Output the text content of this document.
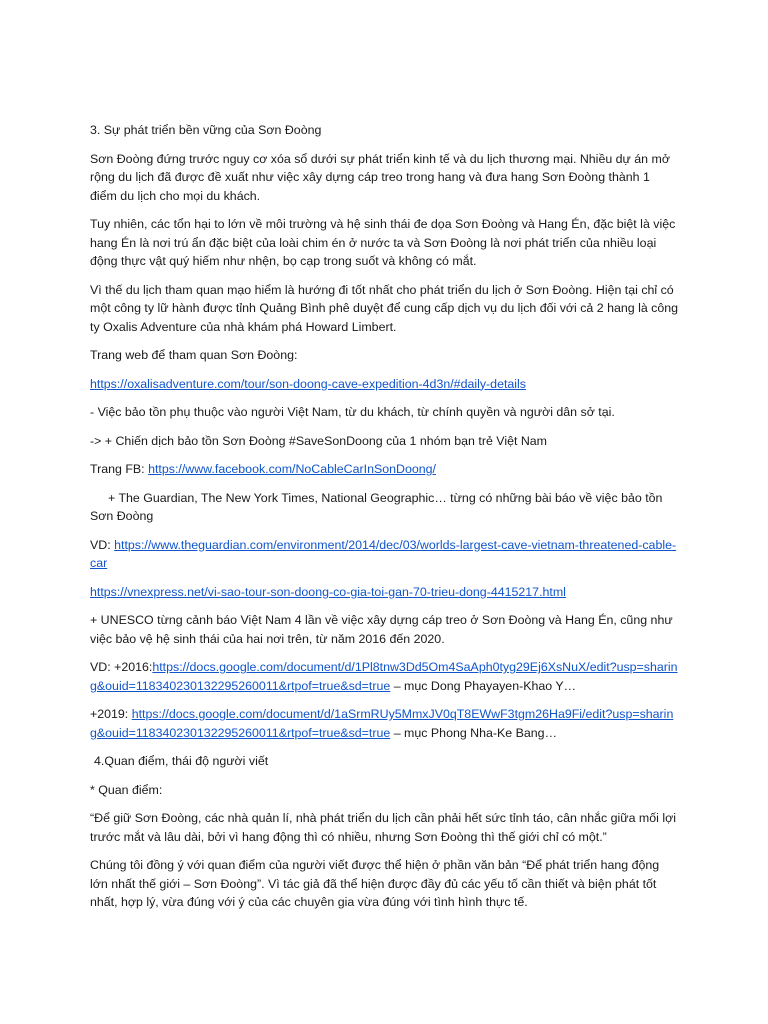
3. Sự phát triển bền vững của Sơn Đoòng

Sơn Đoòng đứng trước nguy cơ xóa sổ dưới sự phát triển kinh tế và du lịch thương mại. Nhiều dự án mở rộng du lịch đã được đề xuất như việc xây dựng cáp treo trong hang và đưa hang Sơn Đoòng thành 1 điểm du lịch cho mọi du khách.

Tuy nhiên, các tổn hại to lớn về môi trường và hệ sinh thái đe dọa Sơn Đoòng và Hang Én, đặc biệt là việc hang Én là nơi trú ẩn đặc biệt của loài chim én ở nước ta và Sơn Đoòng là nơi phát triển của nhiều loại động thực vật quý hiếm như nhện, bọ cạp trong suốt và không có mắt.

Vì thế du lịch tham quan mạo hiểm là hướng đi tốt nhất cho phát triển du lịch ở Sơn Đoòng. Hiện tại chỉ có một công ty lữ hành được tỉnh Quảng Bình phê duyệt để cung cấp dịch vụ du lịch đối với cả 2 hang là công ty Oxalis Adventure của nhà khám phá Howard Limbert.

Trang web để tham quan Sơn Đoòng:

https://oxalisadventure.com/tour/son-doong-cave-expedition-4d3n/#daily-details

- Việc bảo tồn phụ thuộc vào người Việt Nam, từ du khách, từ chính quyền và người dân sở tại.

-> + Chiến dịch bảo tồn Sơn Đoòng #SaveSonDoong của 1 nhóm bạn trẻ Việt Nam

Trang FB: https://www.facebook.com/NoCableCarInSonDoong/

+ The Guardian, The New York Times, National Geographic… từng có những bài báo về việc bảo tồn Sơn Đoòng

VD: https://www.theguardian.com/environment/2014/dec/03/worlds-largest-cave-vietnam-threatened-cable-car

https://vnexpress.net/vi-sao-tour-son-doong-co-gia-toi-gan-70-trieu-dong-4415217.html

+ UNESCO từng cảnh báo Việt Nam 4 lần về việc xây dựng cáp treo ở Sơn Đoòng và Hang Én, cũng như việc bảo vệ hệ sinh thái của hai nơi trên, từ năm 2016 đến 2020.

VD: +2016:https://docs.google.com/document/d/1Pl8tnw3Dd5Om4SaAph0tyg29Ej6XsNuX/edit?usp=sharing&ouid=118340230132295260011&rtpof=true&sd=true – mục Dong Phayayen-Khao Y…

+2019: https://docs.google.com/document/d/1aSrmRUy5MmxJV0qT8EWwF3tgm26Ha9Fi/edit?usp=sharing&ouid=118340230132295260011&rtpof=true&sd=true – mục Phong Nha-Ke Bang…

4.Quan điểm, thái độ người viết

* Quan điểm:

“Để giữ Sơn Đoòng, các nhà quản lí, nhà phát triển du lịch cần phải hết sức tỉnh táo, cân nhắc giữa mối lợi trước mắt và lâu dài, bởi vì hang động thì có nhiều, nhưng Sơn Đoòng thì thế giới chỉ có một.”

Chúng tôi đồng ý với quan điểm của người viết được thể hiện ở phần văn bản “Để phát triển hang động lớn nhất thế giới – Sơn Đoòng”. Vì tác giả đã thể hiện được đầy đủ các yếu tố cần thiết và biện phát tốt nhất, hợp lý, vừa đúng với ý của các chuyên gia vừa đúng với tình hình thực tế.
